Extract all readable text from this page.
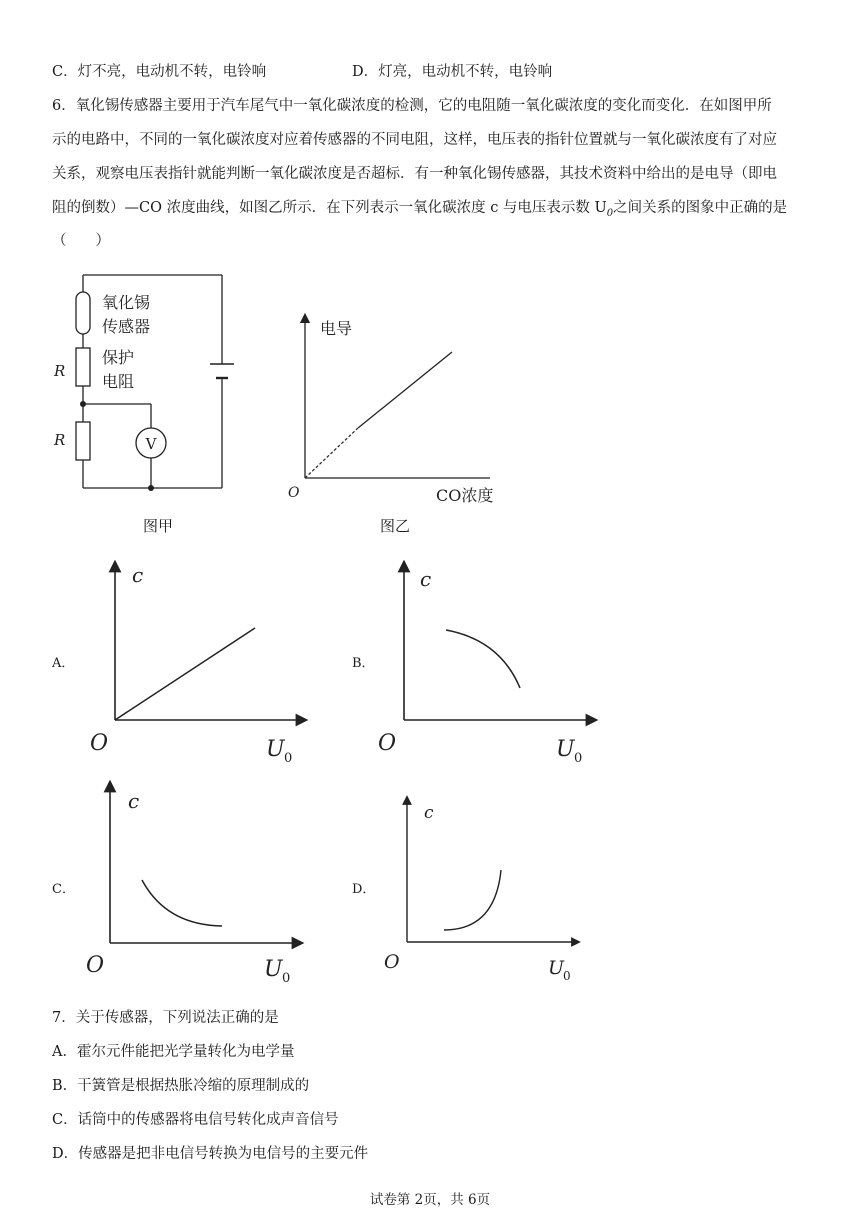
C．灯不亮，电动机不转，电铃响	D．灯亮，电动机不转，电铃响
6．氧化锡传感器主要用于汽车尾气中一氧化碳浓度的检测，它的电阻随一氧化碳浓度的变化而变化．在如图甲所
示的电路中，不同的一氧化碳浓度对应着传感器的不同电阻，这样，电压表的指针位置就与一氧化碳浓度有了对应
关系，观察电压表指针就能判断一氧化碳浓度是否超标．有一种氧化锡传感器，其技术资料中给出的是电导（即电
阻的倒数）—CO 浓度曲线，如图乙所示．在下列表示一氧化碳浓度 c 与电压表示数 $U_0$之间关系的图象中正确的是
（　　）
氧化锡
传感器
保护
电阻
R
R	V
图甲
电导
O	CO浓度
图乙
A．
c
O	U 0
B．
c
O	U 0
C．
c
O	U 0
D．
c
O	U
0
7．关于传感器，下列说法正确的是
A．霍尔元件能把光学量转化为电学量
B．干簧管是根据热胀冷缩的原理制成的
C．话筒中的传感器将电信号转化成声音信号
D．传感器是把非电信号转换为电信号的主要元件
试卷第 2页，共 6页
